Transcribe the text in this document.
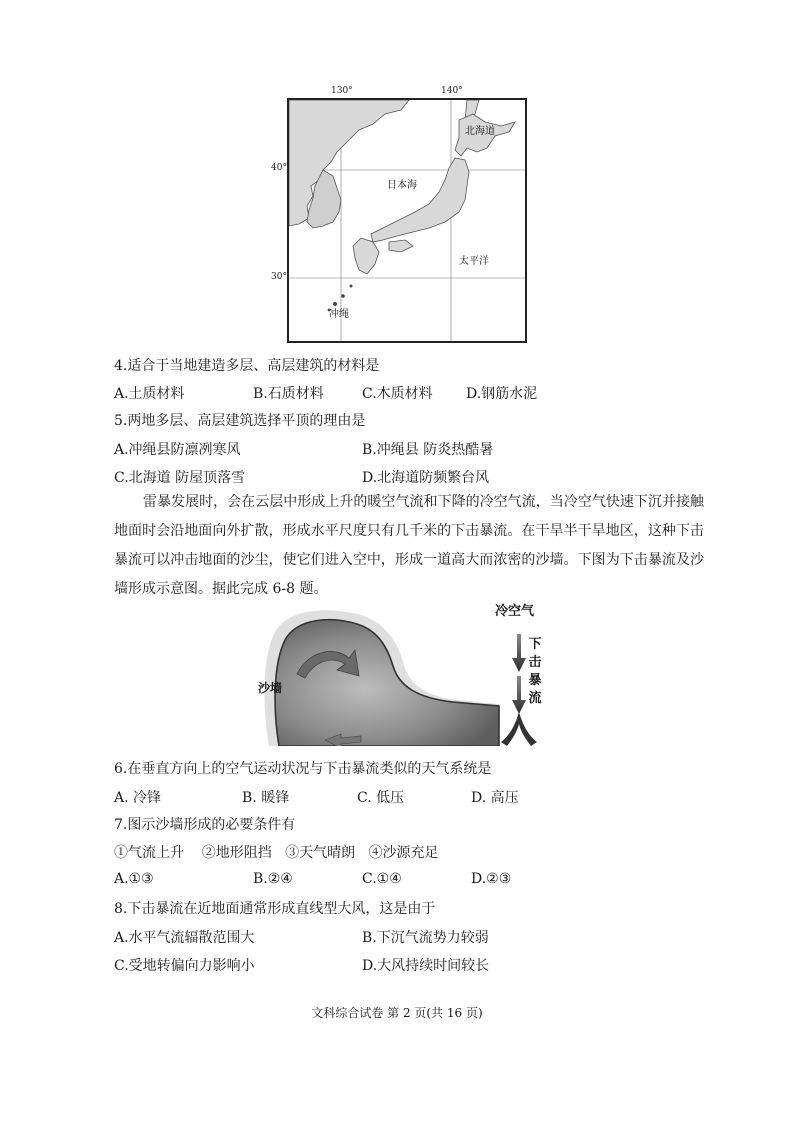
130°	140°
40°
30°
北海道
日本海
太平洋
冲绳
4.适合于当地建造多层、高层建筑的材料是
A.土质材料	B.石质材料	C.木质材料 D.钢筋水泥
5.两地多层、高层建筑选择平顶的理由是
A.冲绳县防凛冽寒风	B.冲绳县 防炎热酷暑
C.北海道 防屋顶落雪	D.北海道防频繁台风
雷暴发展时，会在云层中形成上升的暖空气流和下降的冷空气流，当冷空气快速下沉并接触地面时会沿地面向外扩散，形成水平尺度只有几千米的下击暴流。在干旱半干旱地区，这种下击暴流可以冲击地面的沙尘，使它们进入空中，形成一道高大而浓密的沙墙。下图为下击暴流及沙墙形成示意图。据此完成 6-8 题。
沙墙
冷空气
下击暴流
6.在垂直方向上的空气运动状况与下击暴流类似的天气系统是
A. 冷锋	B. 暖锋	C. 低压	D. 高压
7.图示沙墙形成的必要条件有
①气流上升    ②地形阻挡   ③天气晴朗   ④沙源充足
A.①③	B.②④	C.①④	D.②③
8.下击暴流在近地面通常形成直线型大风，这是由于
A.水平气流辐散范围大	B.下沉气流势力较弱
C.受地转偏向力影响小	D.大风持续时间较长
文科综合试卷 第 2 页(共 16 页)
